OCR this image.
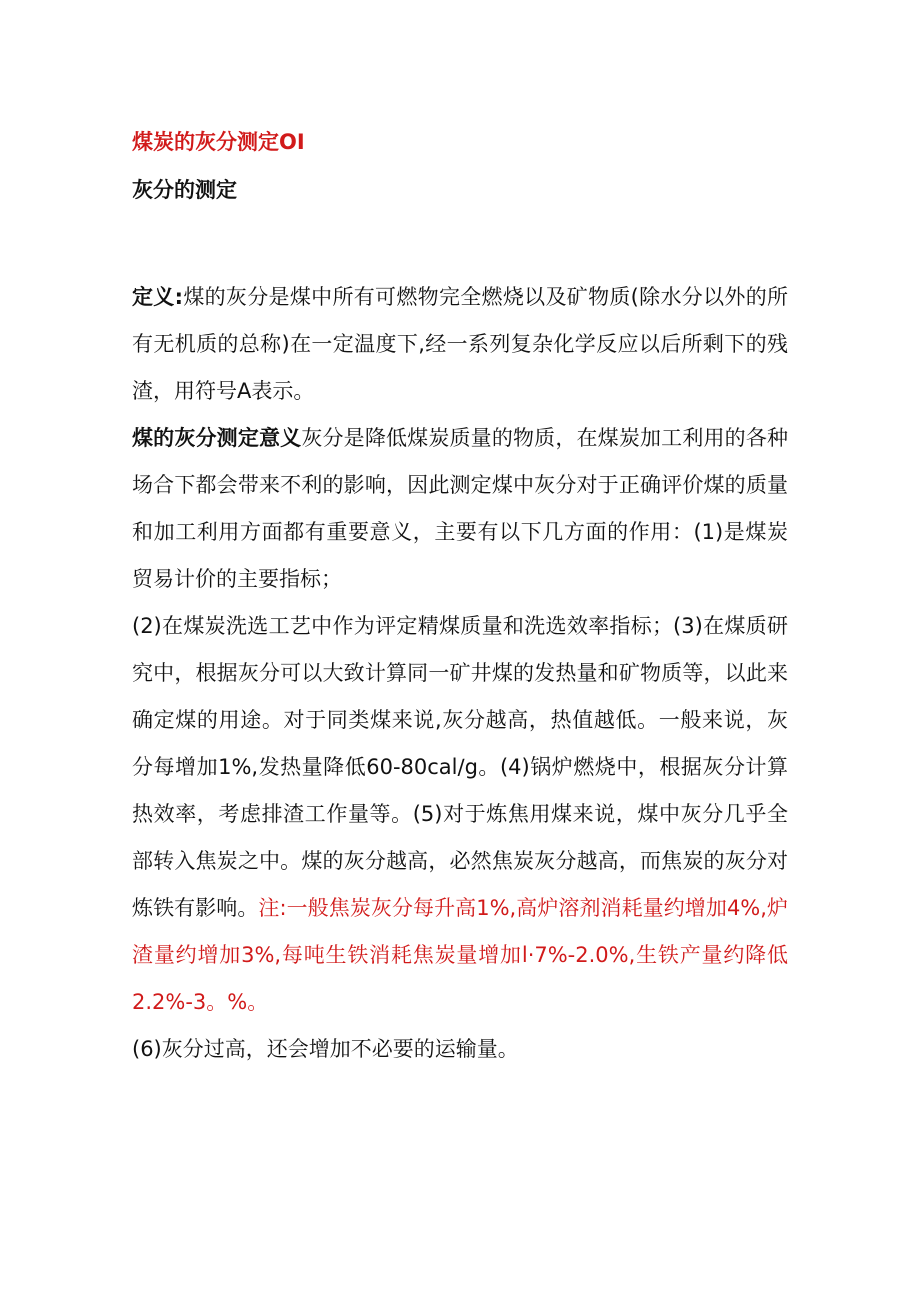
煤炭的灰分测定OI
灰分的测定

定义:煤的灰分是煤中所有可燃物完全燃烧以及矿物质(除水分以外的所有无机质的总称)在一定温度下,经一系列复杂化学反应以后所剩下的残渣，用符号A表示。

煤的灰分测定意义灰分是降低煤炭质量的物质，在煤炭加工利用的各种场合下都会带来不利的影响，因此测定煤中灰分对于正确评价煤的质量和加工利用方面都有重要意义，主要有以下几方面的作用：(1)是煤炭贸易计价的主要指标；

(2)在煤炭洗选工艺中作为评定精煤质量和洗选效率指标；(3)在煤质研究中，根据灰分可以大致计算同一矿井煤的发热量和矿物质等，以此来确定煤的用途。对于同类煤来说,灰分越高，热值越低。一般来说，灰分每增加1%,发热量降低60-80cal∕g。(4)锅炉燃烧中，根据灰分计算热效率，考虑排渣工作量等。(5)对于炼焦用煤来说，煤中灰分几乎全部转入焦炭之中。煤的灰分越高，必然焦炭灰分越高，而焦炭的灰分对炼铁有影响。注:一般焦炭灰分每升高1%,高炉溶剂消耗量约增加4%,炉渣量约增加3%,每吨生铁消耗焦炭量增加l·7%-2.0%,生铁产量约降低2.2%-3。%。

(6)灰分过高，还会增加不必要的运输量。
